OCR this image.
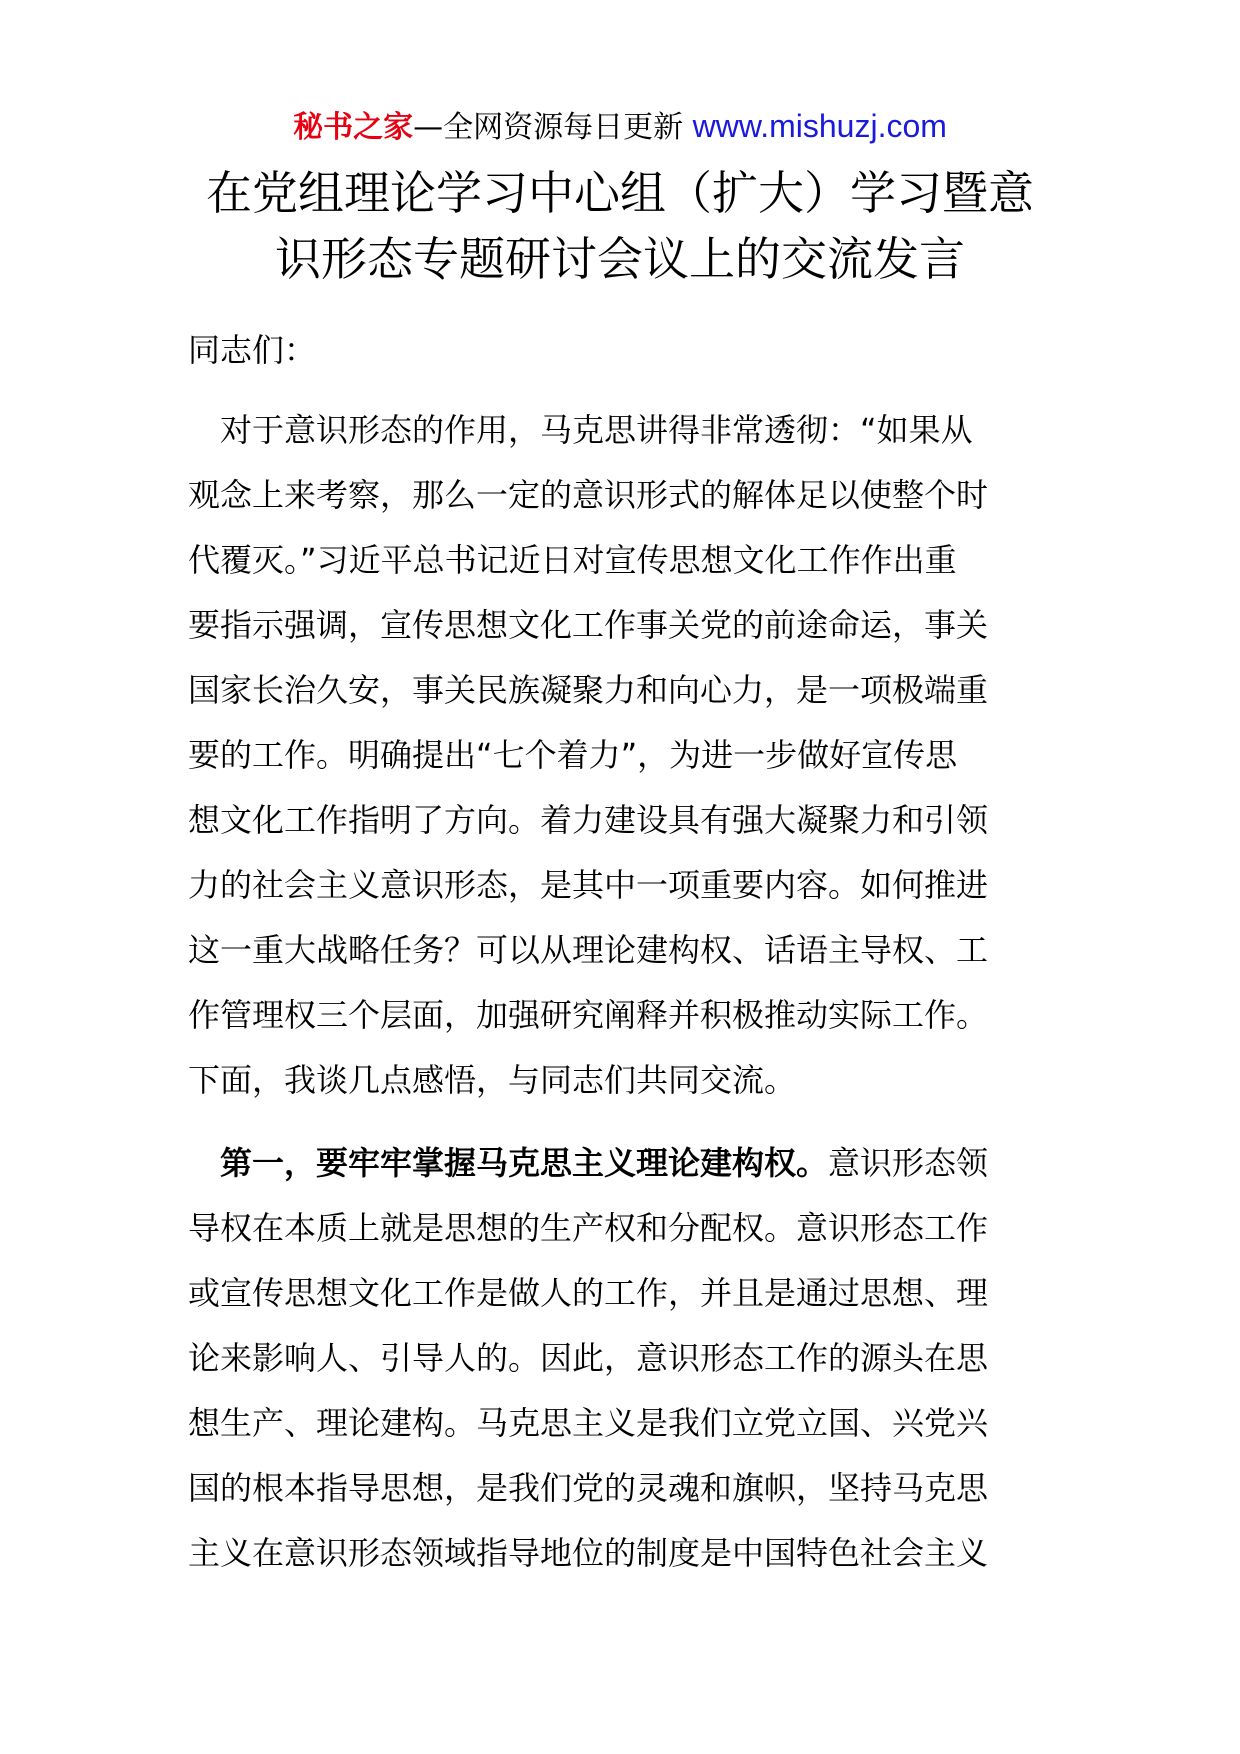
秘书之家—全网资源每日更新 www.mishuzj.com
在党组理论学习中心组（扩大）学习暨意
识形态专题研讨会议上的交流发言
同志们：
　对于意识形态的作用，马克思讲得非常透彻：“如果从
观念上来考察，那么一定的意识形式的解体足以使整个时
代覆灭。”习近平总书记近日对宣传思想文化工作作出重
要指示强调，宣传思想文化工作事关党的前途命运，事关
国家长治久安，事关民族凝聚力和向心力，是一项极端重
要的工作。明确提出“七个着力”，为进一步做好宣传思
想文化工作指明了方向。着力建设具有强大凝聚力和引领
力的社会主义意识形态，是其中一项重要内容。如何推进
这一重大战略任务？可以从理论建构权、话语主导权、工
作管理权三个层面，加强研究阐释并积极推动实际工作。
下面，我谈几点感悟，与同志们共同交流。
　第一，要牢牢掌握马克思主义理论建构权。意识形态领
导权在本质上就是思想的生产权和分配权。意识形态工作
或宣传思想文化工作是做人的工作，并且是通过思想、理
论来影响人、引导人的。因此，意识形态工作的源头在思
想生产、理论建构。马克思主义是我们立党立国、兴党兴
国的根本指导思想，是我们党的灵魂和旗帜，坚持马克思
主义在意识形态领域指导地位的制度是中国特色社会主义
